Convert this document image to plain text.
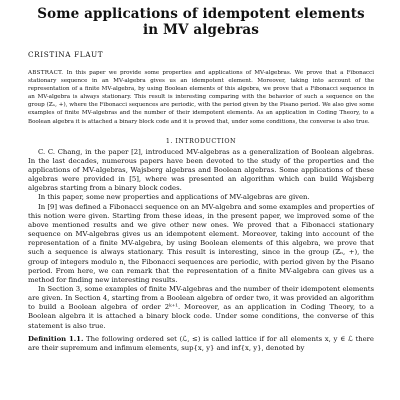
Some applications of idempotent elements in MV algebras
CRISTINA FLAUT
ABSTRACT. In this paper we provide some properties and applications of MV-algebras. We prove that a Fibonacci stationary sequence in an MV-algebra gives us an idempotent element. Moreover, taking into account of the representation of a finite MV-algebra, by using Boolean elements of this algebra, we prove that a Fibonacci sequence in an MV-algebra is always stationary. This result is interesting comparing with the behavior of such a sequence on the group (ℤₙ, +), where the Fibonacci sequences are periodic, with the period given by the Pisano period. We also give some examples of finite MV-algebras and the number of their idempotent elements. As an application in Coding Theory, to a Boolean algebra it is attached a binary block code and it is proved that, under some conditions, the converse is also true.
1. INTRODUCTION

C. C. Chang, in the paper [2], introduced MV-algebras as a generalization of Boolean algebras. In the last decades, numerous papers have been devoted to the study of the properties and the applications of MV-algebras, Wajsberg algebras and Boolean algebras. Some applications of these algebras were provided in [5], where was presented an algorithm which can build Wajsberg algebras starting from a binary block codes.

In this paper, some new properties and applications of MV-algebras are given.

In [9] was defined a Fibonacci sequence on an MV-algebra and some examples and properties of this notion were given. Starting from these ideas, in the present paper, we improved some of the above mentioned results and we give other new ones. We proved that a Fibonacci stationary sequence on MV-algebras gives us an idempotent element. Moreover, taking into account of the representation of a finite MV-algebra, by using Boolean elements of this algebra, we prove that such a sequence is always stationary. This result is interesting, since in the group (ℤₙ, +), the group of integers modulo n, the Fibonacci sequences are periodic, with period given by the Pisano period. From here, we can remark that the representation of a finite MV-algebra can gives us a method for finding new interesting results.

In Section 3, some examples of finite MV-algebras and the number of their idempotent elements are given. In Section 4, starting from a Boolean algebra of order two, it was provided an algorithm to build a Boolean algebra of order 2ᵏ⁺¹. Moreover, as an application in Coding Theory, to a Boolean algebra it is attached a binary block code. Under some conditions, the converse of this statement is also true.

Definition 1.1. The following ordered set (ℒ, ≤) is called lattice if for all elements x, y ∈ ℒ there are their supremum and infimum elements, sup{x, y} and inf{x, y}, denoted by
